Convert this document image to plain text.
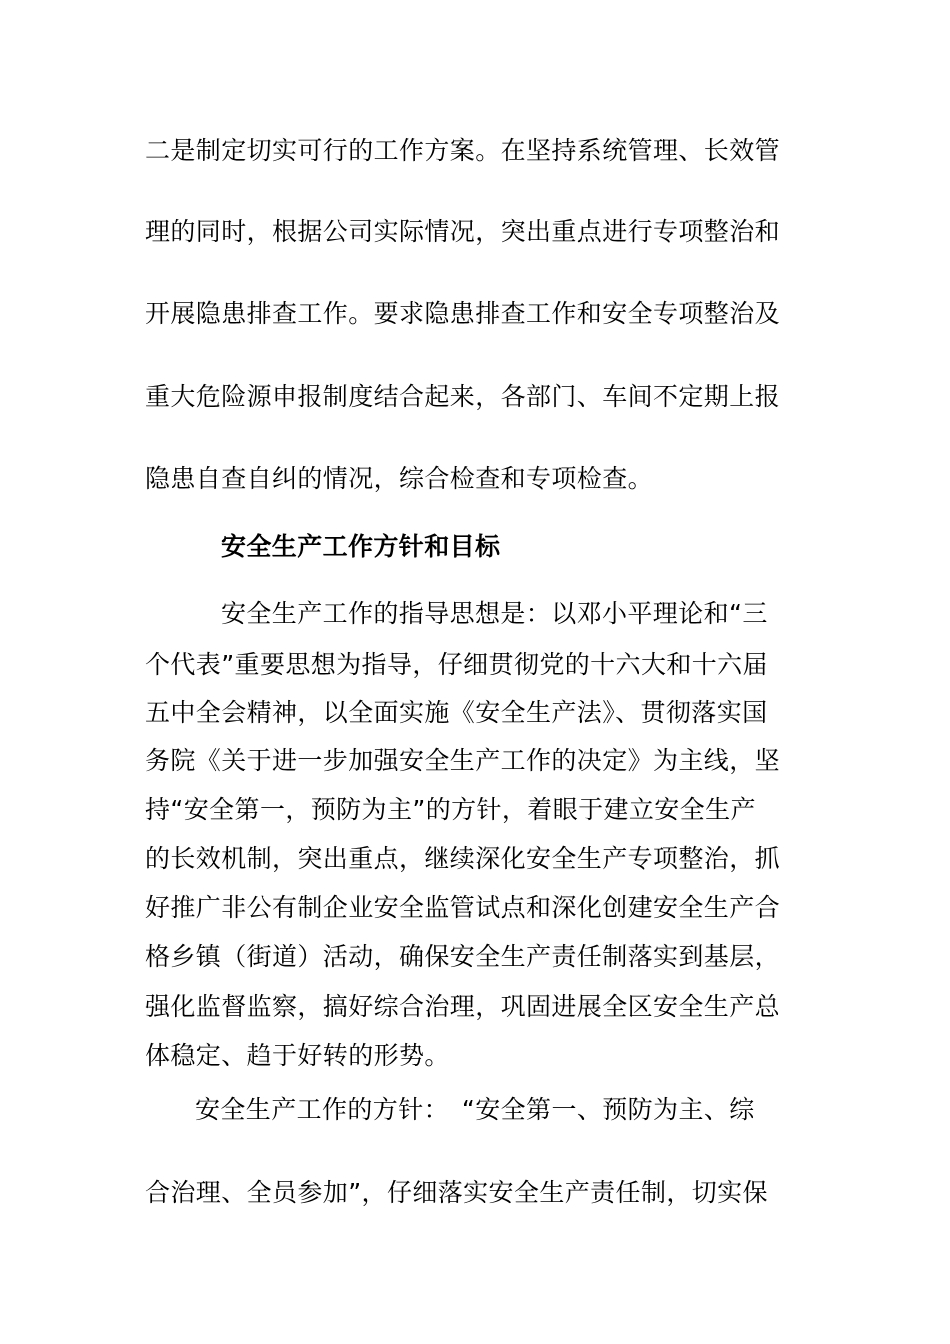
二是制定切实可行的工作方案。在坚持系统管理、长效管
理的同时，根据公司实际情况，突出重点进行专项整治和
开展隐患排查工作。要求隐患排查工作和安全专项整治及
重大危险源申报制度结合起来，各部门、车间不定期上报
隐患自查自纠的情况，综合检查和专项检查。
安全生产工作方针和目标
安全生产工作的指导思想是：以邓小平理论和“三
个代表”重要思想为指导，仔细贯彻党的十六大和十六届
五中全会精神，以全面实施《安全生产法》、贯彻落实国
务院《关于进一步加强安全生产工作的决定》为主线，坚
持“安全第一，预防为主”的方针，着眼于建立安全生产
的长效机制，突出重点，继续深化安全生产专项整治，抓
好推广非公有制企业安全监管试点和深化创建安全生产合
格乡镇（街道）活动，确保安全生产责任制落实到基层，
强化监督监察，搞好综合治理，巩固进展全区安全生产总
体稳定、趋于好转的形势。
安全生产工作的方针：　“安全第一、预防为主、综
合治理、全员参加”，仔细落实安全生产责任制，切实保
